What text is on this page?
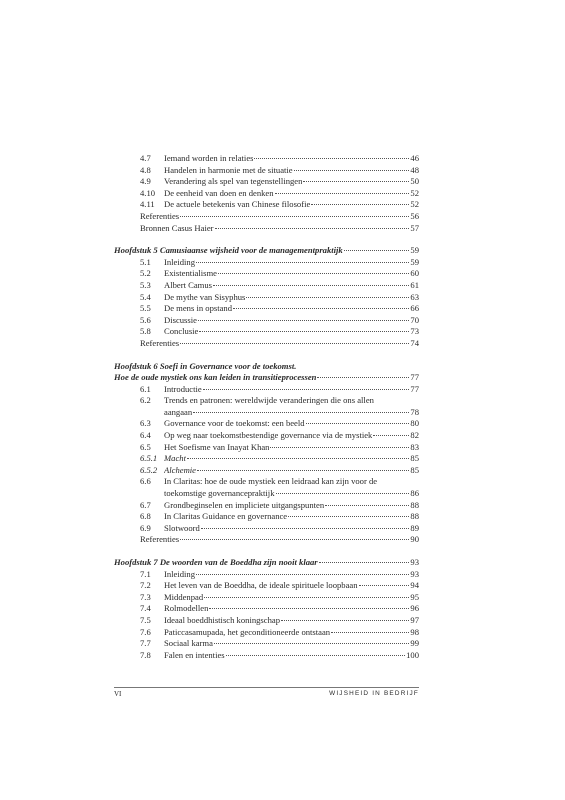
4.7	Iemand worden in relaties	46
4.8	Handelen in harmonie met de situatie	48
4.9	Verandering als spel van tegenstellingen	50
4.10	De eenheid van doen en denken	52
4.11	De actuele betekenis van Chinese filosofie	52
Referenties	56
Bronnen Casus Haier	57
Hoofdstuk 5 Camusiaanse wijsheid voor de managementpraktijk	59
5.1	Inleiding	59
5.2	Existentialisme	60
5.3	Albert Camus	61
5.4	De mythe van Sisyphus	63
5.5	De mens in opstand	66
5.6	Discussie	70
5.8	Conclusie	73
Referenties	74
Hoofdstuk 6 Soefi in Governance voor de toekomst.
Hoe de oude mystiek ons kan leiden in transitieprocessen	77
6.1	Introductie	77
6.2	Trends en patronen: wereldwijde veranderingen die ons allen
aangaan	78
6.3	Governance voor de toekomst: een beeld	80
6.4	Op weg naar toekomstbestendige governance via de mystiek	82
6.5	Het Soefisme van Inayat Khan	83
6.5.1 Macht	85
6.5.2 Alchemie	85
6.6	In Claritas: hoe de oude mystiek een leidraad kan zijn voor de
toekomstige governancepraktijk	86
6.7	Grondbeginselen en impliciete uitgangspunten	88
6.8	In Claritas Guidance en governance	88
6.9	Slotwoord	89
Referenties	90
Hoofdstuk 7 De woorden van de Boeddha zijn nooit klaar	93
7.1	Inleiding	93
7.2	Het leven van de Boeddha, de ideale spirituele loopbaan	94
7.3	Middenpad	95
7.4	Rolmodellen	96
7.5	Ideaal boeddhistisch koningschap	97
7.6	Paticcasamupada, het geconditioneerde ontstaan	98
7.7	Sociaal karma	99
7.8	Falen en intenties	100
VI	WIJSHEID IN BEDRIJF
